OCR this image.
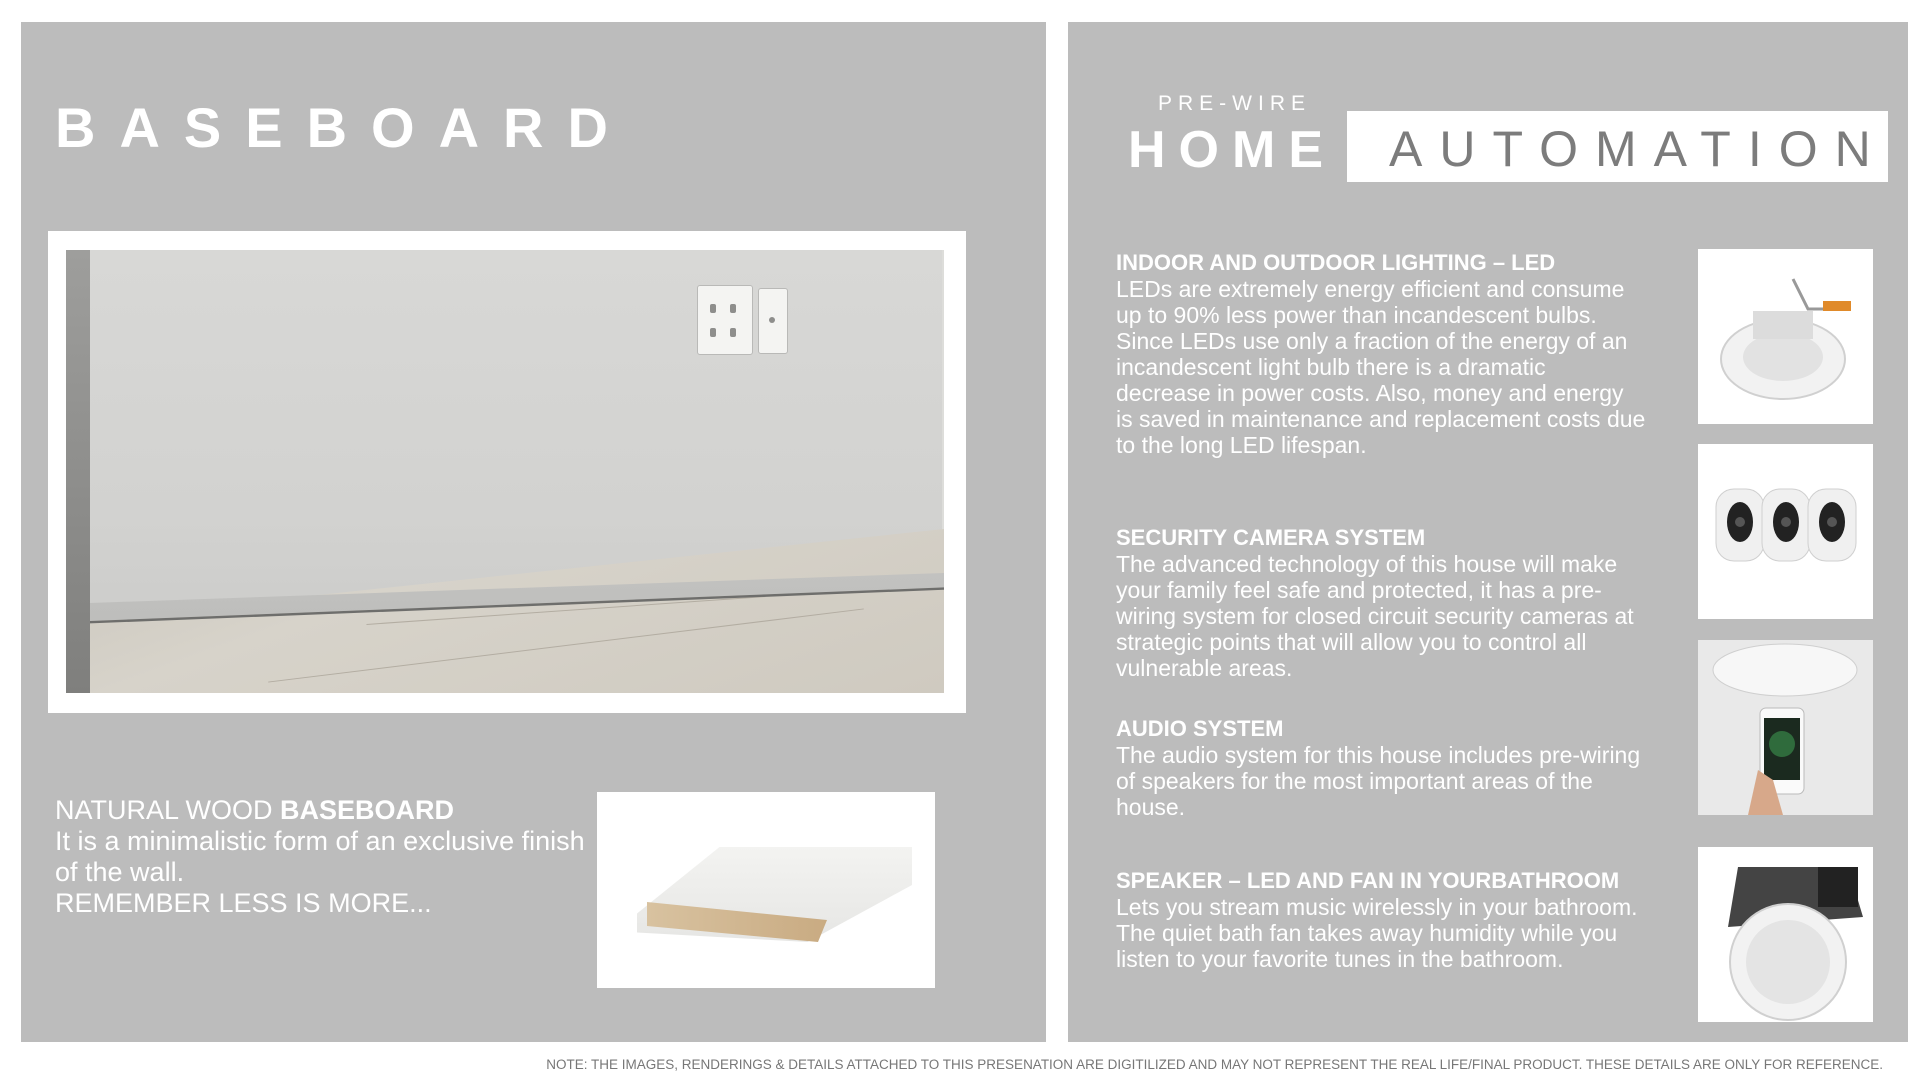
BASEBOARD
NATURAL WOOD BASEBOARD
It is a minimalistic form of an exclusive finish of the wall.
REMEMBER LESS IS MORE...
PRE-WIRE
HOME AUTOMATION
INDOOR AND OUTDOOR LIGHTING – LED
LEDs are extremely energy efficient and consume up to 90% less power than incandescent bulbs. Since LEDs use only a fraction of the energy of an incandescent light bulb there is a dramatic decrease in power costs. Also, money and energy is saved in maintenance and replacement costs due to the long LED lifespan.
SECURITY CAMERA SYSTEM
The advanced technology of this house will make your family feel safe and protected, it has a pre-wiring system for closed circuit security cameras at strategic points that will allow you to control all vulnerable areas.
AUDIO SYSTEM
The audio system for this house includes pre-wiring of speakers for the most important areas of the house.
SPEAKER – LED AND FAN IN YOURBATHROOM
Lets you stream music wirelessly in your bathroom. The quiet bath fan takes away humidity while you listen to your favorite tunes in the bathroom.
NOTE: THE IMAGES, RENDERINGS & DETAILS ATTACHED TO THIS PRESENATION ARE DIGITILIZED AND MAY NOT REPRESENT THE REAL LIFE/FINAL PRODUCT. THESE DETAILS ARE ONLY FOR REFERENCE.
